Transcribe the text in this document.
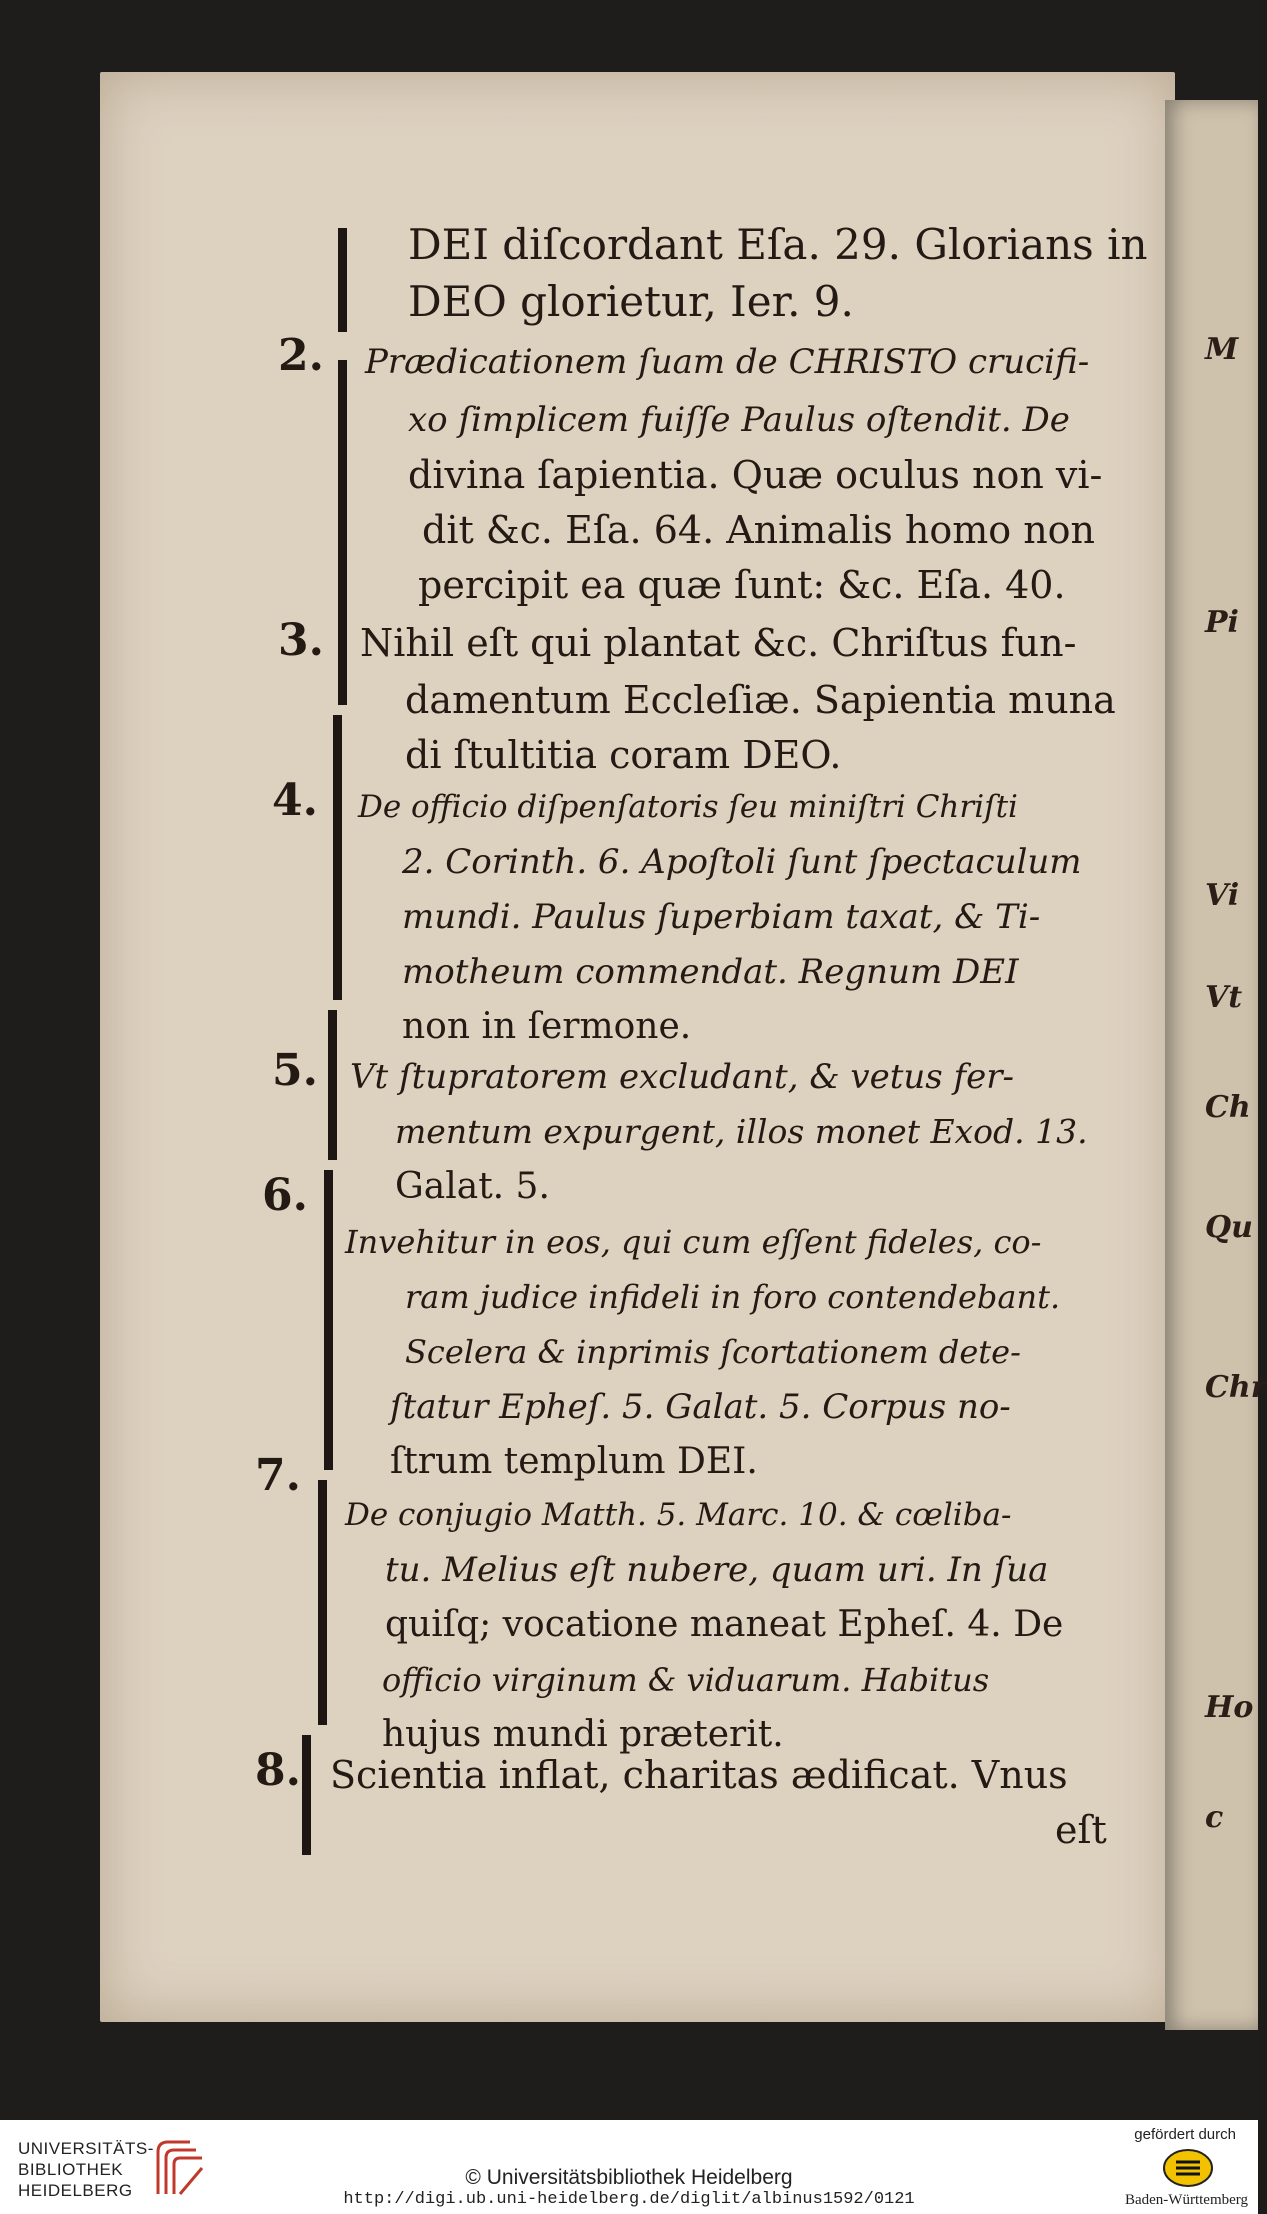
M
Pi
Vi
Vt
Ch
Qu
Chr
Ho
c
2.
3.
4.
5.
6.
7.
8.
DEI diſcordant Eſa. 29. Glorians in
DEO glorietur, Ier. 9.
Prædicationem ſuam de CHRISTO crucifi-
xo ſimplicem fuiſſe Paulus oſtendit. De
divina ſapientia. Quæ oculus non vi-
dit &c. Eſa. 64. Animalis homo non
percipit ea quæ ſunt: &c. Eſa. 40.
Nihil eſt qui plantat &c. Chriſtus fun-
damentum Eccleſiæ. Sapientia muna
di ſtultitia coram DEO.
De officio diſpenſatoris ſeu miniſtri Chriſti
2. Corinth. 6. Apoſtoli ſunt ſpectaculum
mundi. Paulus ſuperbiam taxat, & Ti-
motheum commendat. Regnum DEI
non in ſermone.
Vt ſtupratorem excludant, & vetus fer-
mentum expurgent, illos monet Exod. 13.
Galat. 5.
Invehitur in eos, qui cum eſſent fideles, co-
ram judice infideli in foro contendebant.
Scelera & inprimis ſcortationem dete-
ſtatur Epheſ. 5. Galat. 5. Corpus no-
ſtrum templum DEI.
De conjugio Matth. 5. Marc. 10. & cœliba-
tu. Melius eſt nubere, quam uri. In ſua
quiſq; vocatione maneat Epheſ. 4. De
officio virginum & viduarum. Habitus
hujus mundi præterit.
Scientia inflat, charitas ædificat. Vnus
eſt
UNIVERSITÄTS-
BIBLIOTHEK
HEIDELBERG
© Universitätsbibliothek Heidelberg
http://digi.ub.uni-heidelberg.de/diglit/albinus1592/0121
gefördert durch
Baden-Württemberg
